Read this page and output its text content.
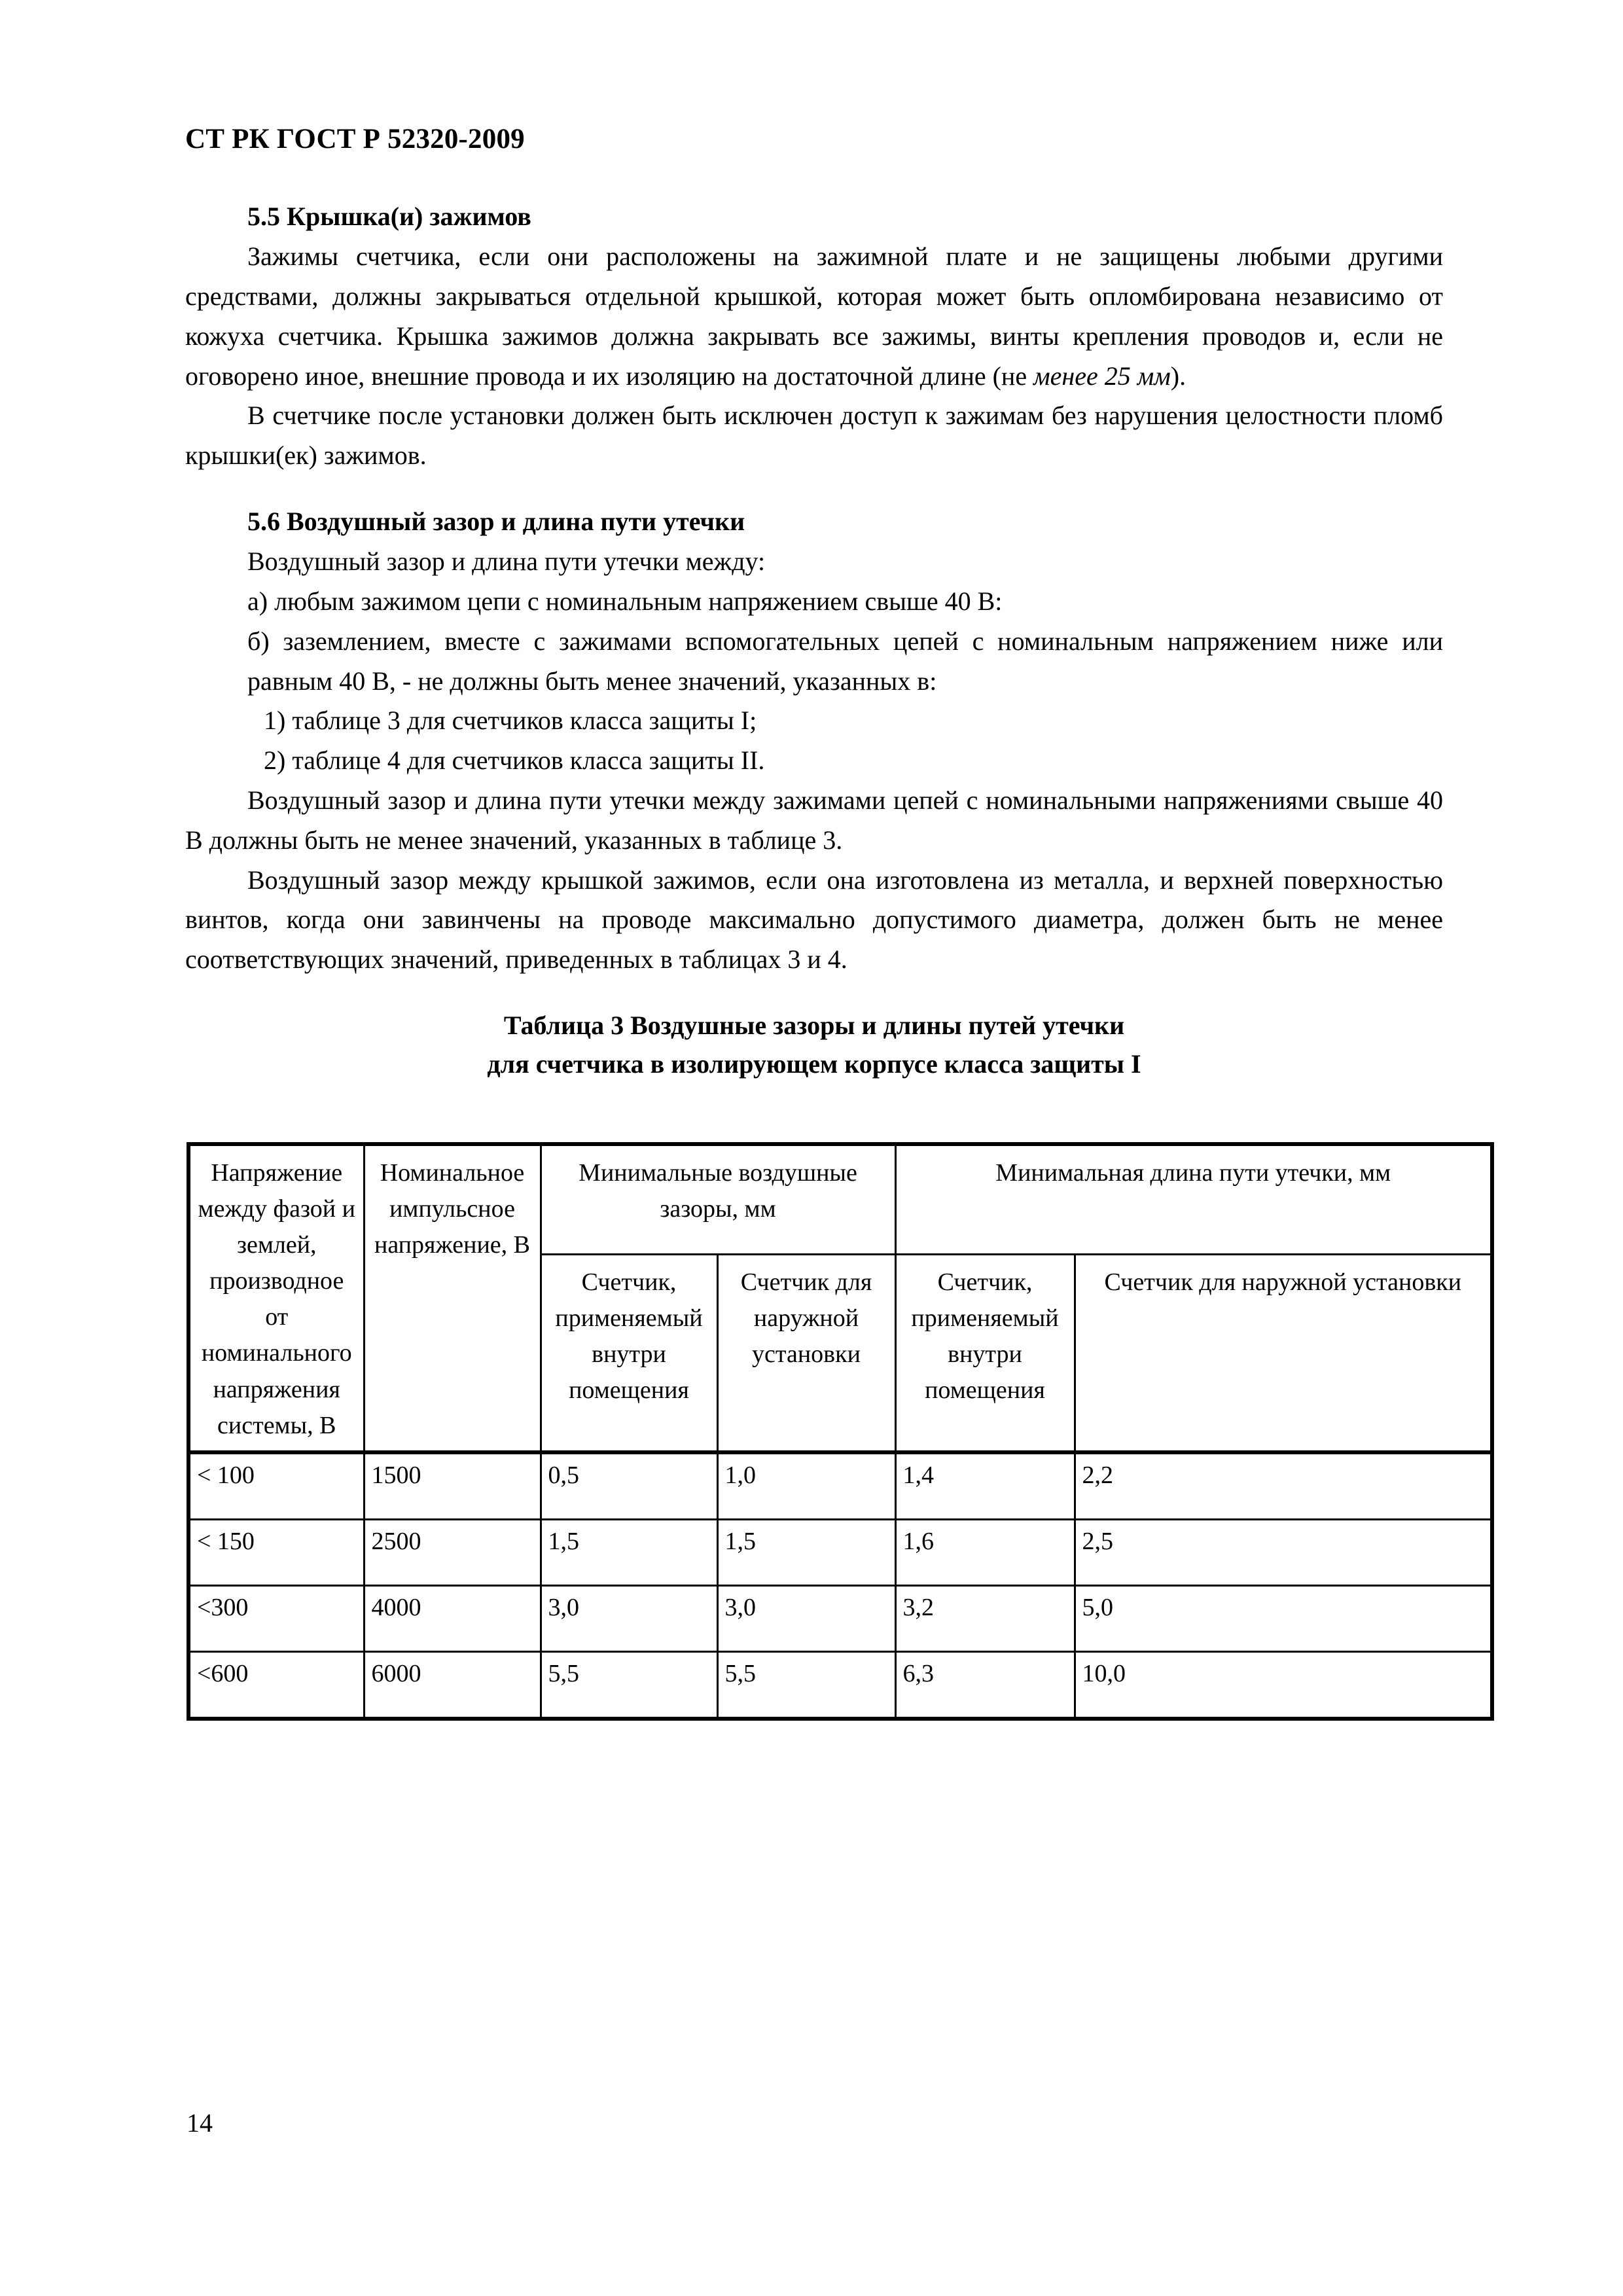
СТ РК ГОСТ Р 52320-2009
5.5 Крышка(и) зажимов

Зажимы счетчика, если они расположены на зажимной плате и не защищены любыми другими средствами, должны закрываться отдельной крышкой, которая может быть опломбирована независимо от кожуха счетчика. Крышка зажимов должна закрывать все зажимы, винты крепления проводов и, если не оговорено иное, внешние провода и их изоляцию на достаточной длине (не менее 25 мм).

В счетчике после установки должен быть исключен доступ к зажимам без нарушения целостности пломб крышки(ек) зажимов.

5.6 Воздушный зазор и длина пути утечки

Воздушный зазор и длина пути утечки между:

а) любым зажимом цепи с номинальным напряжением свыше 40 В:

б) заземлением, вместе с зажимами вспомогательных цепей с номинальным напряжением ниже или равным 40 В, - не должны быть менее значений, указанных в:

1) таблице 3 для счетчиков класса защиты I;

2) таблице 4 для счетчиков класса защиты II.

Воздушный зазор и длина пути утечки между зажимами цепей с номинальными напряжениями свыше 40 В должны быть не менее значений, указанных в таблице 3.

Воздушный зазор между крышкой зажимов, если она изготовлена из металла, и верхней поверхностью винтов, когда они завинчены на проводе максимально допустимого диаметра, должен быть не менее соответствующих значений, приведенных в таблицах 3 и 4.

Таблица 3 Воздушные зазоры и длины путей утечки
для счетчика в изолирующем корпусе класса защиты I
Напряжение между фазой и землей, производное от номинального напряжения системы, В	Номинальное импульсное напряжение, В	Минимальные воздушные зазоры, мм		Минимальная длина пути утечки, мм	
		Счетчик, применяемый внутри помещения	Счетчик для наружной установки	Счетчик, применяемый внутри помещения	Счетчик для наружной установки
< 100	1500	0,5	1,0	1,4	2,2
< 150	2500	1,5	1,5	1,6	2,5
<300	4000	3,0	3,0	3,2	5,0
<600	6000	5,5	5,5	6,3	10,0
14
